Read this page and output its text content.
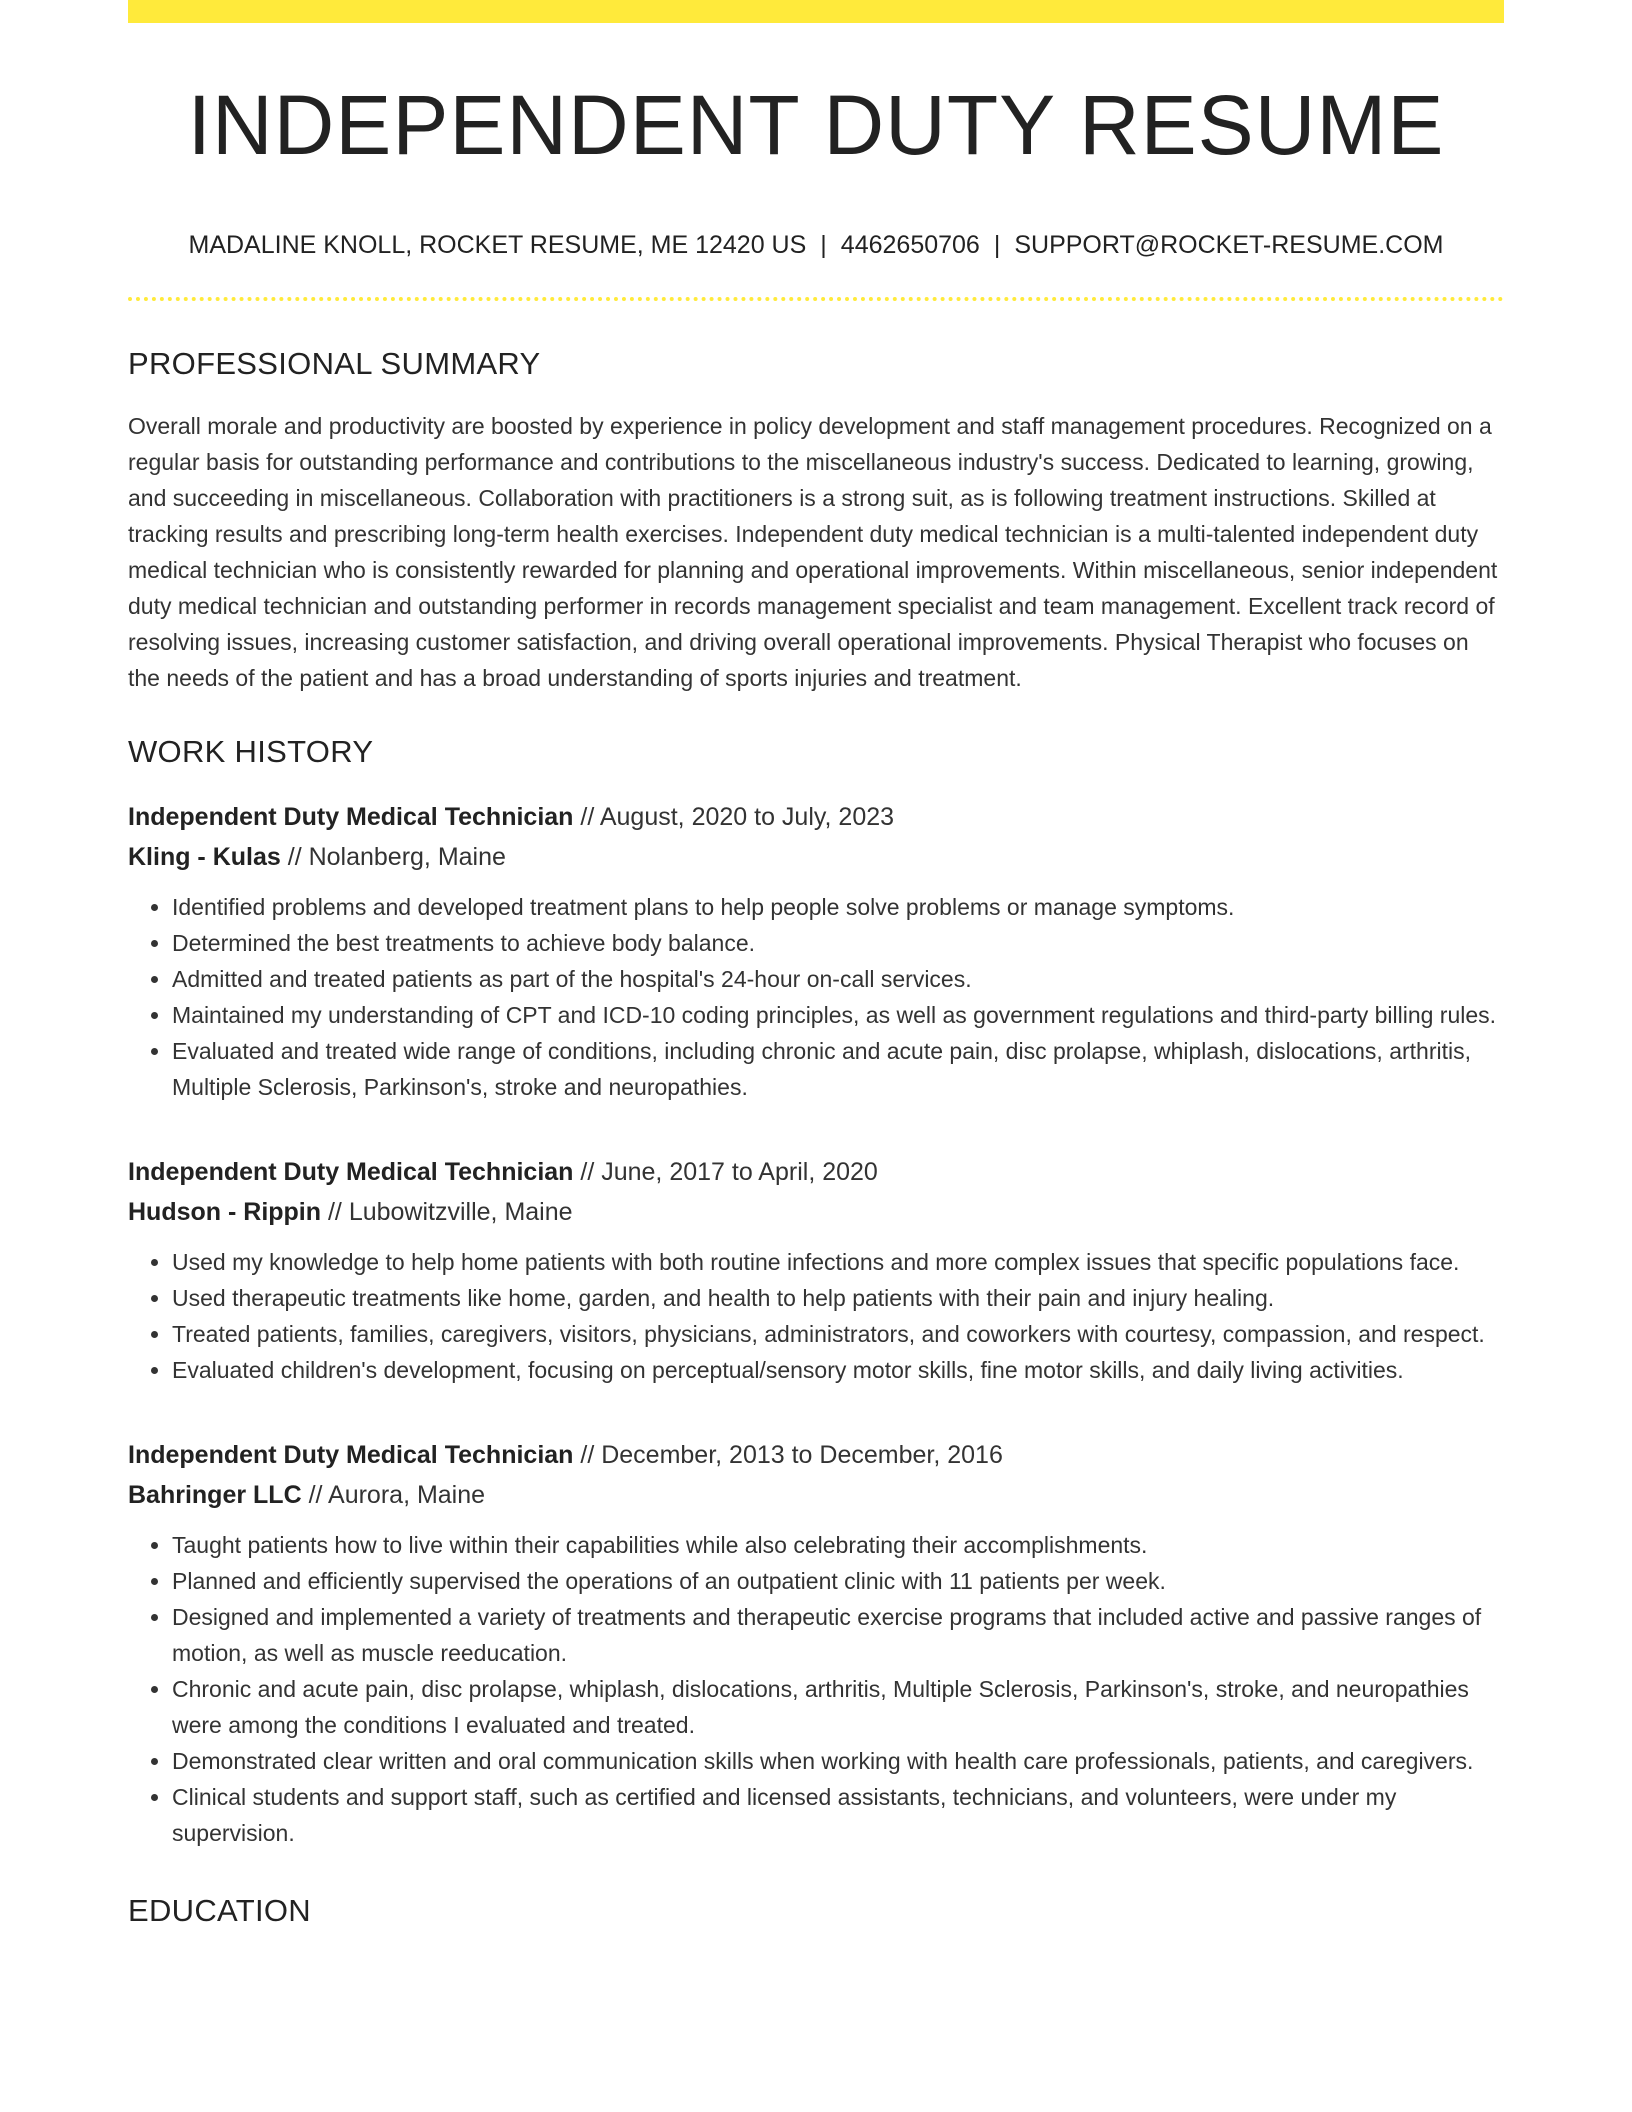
INDEPENDENT DUTY RESUME
MADALINE KNOLL, ROCKET RESUME, ME 12420 US | 4462650706 | SUPPORT@ROCKET-RESUME.COM
PROFESSIONAL SUMMARY

Overall morale and productivity are boosted by experience in policy development and staff management procedures. Recognized on a regular basis for outstanding performance and contributions to the miscellaneous industry's success. Dedicated to learning, growing, and succeeding in miscellaneous. Collaboration with practitioners is a strong suit, as is following treatment instructions. Skilled at tracking results and prescribing long-term health exercises. Independent duty medical technician is a multi-talented independent duty medical technician who is consistently rewarded for planning and operational improvements. Within miscellaneous, senior independent duty medical technician and outstanding performer in records management specialist and team management. Excellent track record of resolving issues, increasing customer satisfaction, and driving overall operational improvements. Physical Therapist who focuses on the needs of the patient and has a broad understanding of sports injuries and treatment.

WORK HISTORY
Independent Duty Medical Technician // August, 2020 to July, 2023
Kling - Kulas // Nolanberg, Maine
• Identified problems and developed treatment plans to help people solve problems or manage symptoms.
• Determined the best treatments to achieve body balance.
• Admitted and treated patients as part of the hospital's 24-hour on-call services.
• Maintained my understanding of CPT and ICD-10 coding principles, as well as government regulations and third-party billing rules.
• Evaluated and treated wide range of conditions, including chronic and acute pain, disc prolapse, whiplash, dislocations, arthritis, Multiple Sclerosis, Parkinson's, stroke and neuropathies.
Independent Duty Medical Technician // June, 2017 to April, 2020
Hudson - Rippin // Lubowitzville, Maine
• Used my knowledge to help home patients with both routine infections and more complex issues that specific populations face.
• Used therapeutic treatments like home, garden, and health to help patients with their pain and injury healing.
• Treated patients, families, caregivers, visitors, physicians, administrators, and coworkers with courtesy, compassion, and respect.
• Evaluated children's development, focusing on perceptual/sensory motor skills, fine motor skills, and daily living activities.
Independent Duty Medical Technician // December, 2013 to December, 2016
Bahringer LLC // Aurora, Maine
• Taught patients how to live within their capabilities while also celebrating their accomplishments.
• Planned and efficiently supervised the operations of an outpatient clinic with 11 patients per week.
• Designed and implemented a variety of treatments and therapeutic exercise programs that included active and passive ranges of motion, as well as muscle reeducation.
• Chronic and acute pain, disc prolapse, whiplash, dislocations, arthritis, Multiple Sclerosis, Parkinson's, stroke, and neuropathies were among the conditions I evaluated and treated.
• Demonstrated clear written and oral communication skills when working with health care professionals, patients, and caregivers.
• Clinical students and support staff, such as certified and licensed assistants, technicians, and volunteers, were under my supervision.
EDUCATION
